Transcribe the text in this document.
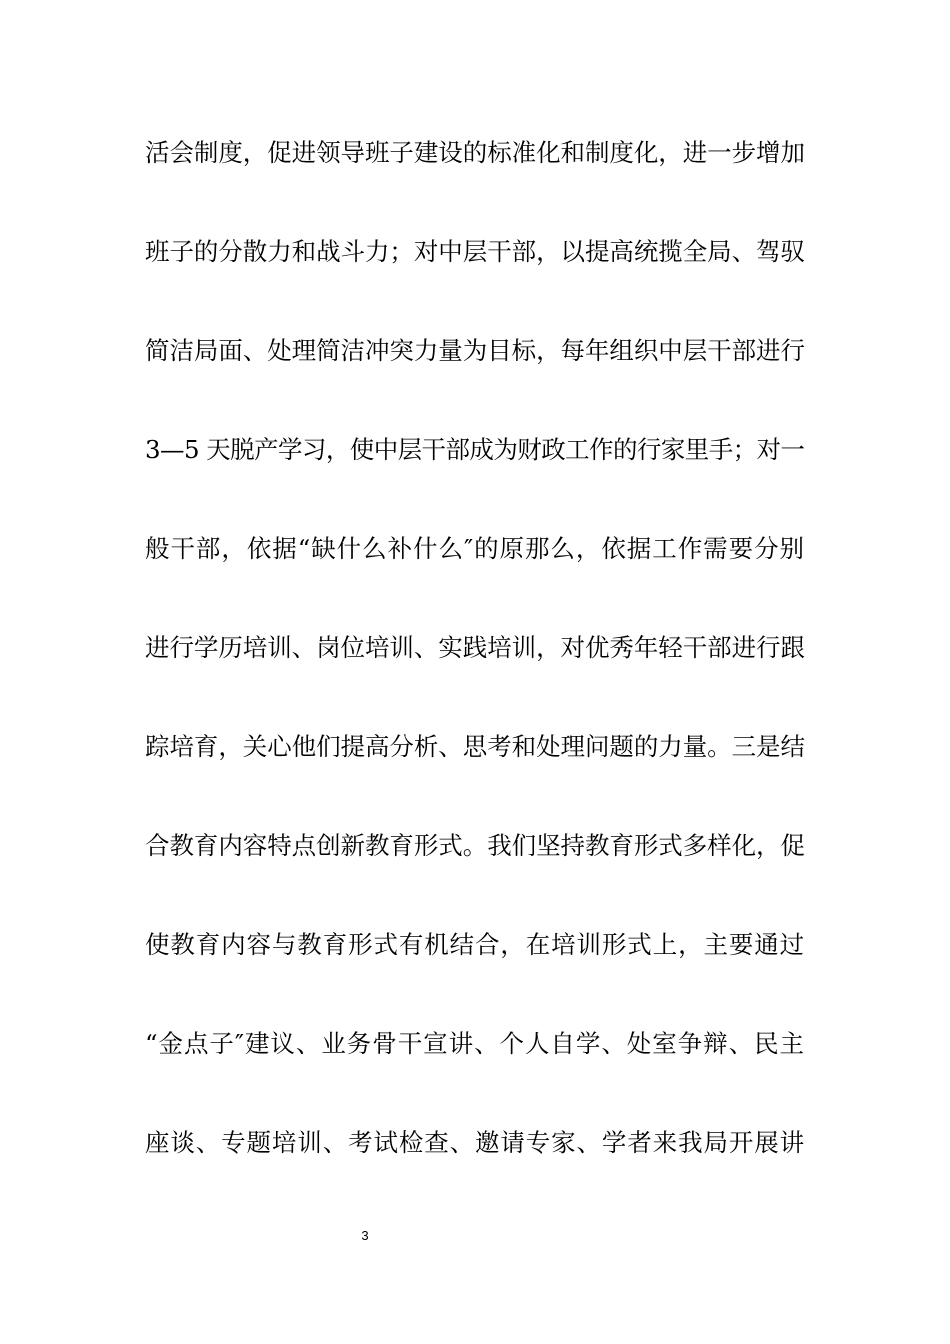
活会制度，促进领导班子建设的标准化和制度化，进一步增加
班子的分散力和战斗力；对中层干部，以提高统揽全局、驾驭
简洁局面、处理简洁冲突力量为目标，每年组织中层干部进行
3—5 天脱产学习，使中层干部成为财政工作的行家里手；对一
般干部，依据“缺什么补什么″的原那么，依据工作需要分别
进行学历培训、岗位培训、实践培训，对优秀年轻干部进行跟
踪培育，关心他们提高分析、思考和处理问题的力量。三是结
合教育内容特点创新教育形式。我们坚持教育形式多样化，促
使教育内容与教育形式有机结合，在培训形式上，主要通过
“金点子″建议、业务骨干宣讲、个人自学、处室争辩、民主
座谈、专题培训、考试检查、邀请专家、学者来我局开展讲
3
